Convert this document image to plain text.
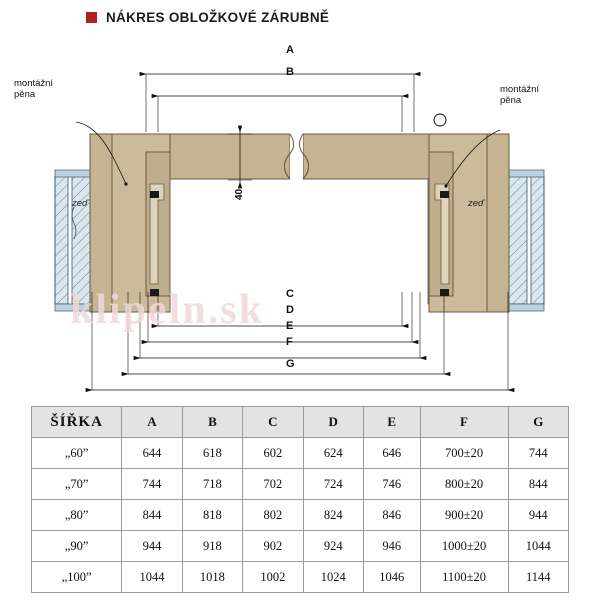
NÁKRES OBLOŽKOVÉ ZÁRUBNĚ
klipeln.sk
montážní
pěna	montážní
pěna
zeď	zeď
40
A
B
C
D
E
F
G
ŠÍŘKA	A	B	C	D	E	F	G
„60”	644	618	602	624	646	700±20	744
„70”	744	718	702	724	746	800±20	844
„80”	844	818	802	824	846	900±20	944
„90”	944	918	902	924	946	1000±20	1044
„100”	1044	1018	1002	1024	1046	1100±20	1144
